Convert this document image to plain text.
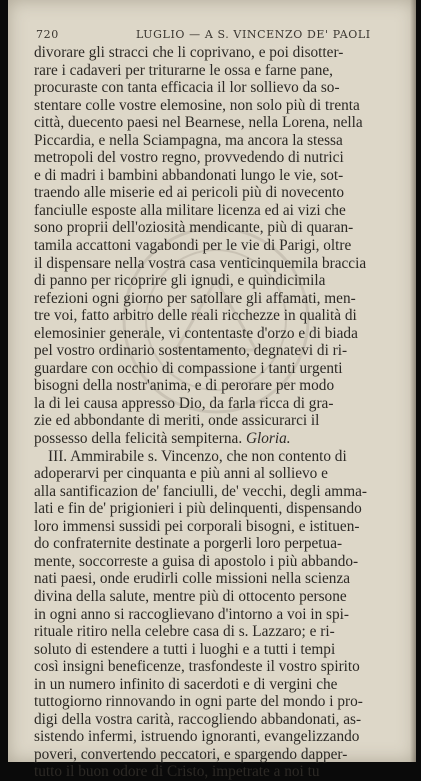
720	LUGLIO — A S. VINCENZO DE' PAOLI
divorare gli stracci che li coprivano, e poi disotter-
rare i cadaveri per triturarne le ossa e farne pane,
procuraste con tanta efficacia il lor sollievo da so-
stentare colle vostre elemosine, non solo più di trenta
città, duecento paesi nel Bearnese, nella Lorena, nella
Piccardia, e nella Sciampagna, ma ancora la stessa
metropoli del vostro regno, provvedendo di nutrici
e di madri i bambini abbandonati lungo le vie, sot-
traendo alle miserie ed ai pericoli più di novecento
fanciulle esposte alla militare licenza ed ai vizi che
sono proprii dell'oziosità mendicante, più di quaran-
tamila accattoni vagabondi per le vie di Parigi, oltre
il dispensare nella vostra casa venticinquemila braccia
di panno per ricoprire gli ignudi, e quindicimila
refezioni ogni giorno per satollare gli affamati, men-
tre voi, fatto arbitro delle reali ricchezze in qualità di
elemosinier generale, vi contentaste d'orzo e di biada
pel vostro ordinario sostentamento, degnatevi di ri-
guardare con occhio di compassione i tanti urgenti
bisogni della nostr'anima, e di perorare per modo
la di lei causa appresso Dio, da farla ricca di gra-
zie ed abbondante di meriti, onde assicurarci il
possesso della felicità sempiterna. Gloria.
III. Ammirabile s. Vincenzo, che non contento di
adoperarvi per cinquanta e più anni al sollievo e
alla santificazion de' fanciulli, de' vecchi, degli amma-
lati e fin de' prigionieri i più delinquenti, dispensando
loro immensi sussidi pei corporali bisogni, e istituen-
do confraternite destinate a porgerli loro perpetua-
mente, soccorreste a guisa di apostolo i più abbando-
nati paesi, onde erudirli colle missioni nella scienza
divina della salute, mentre più di ottocento persone
in ogni anno si raccoglievano d'intorno a voi in spi-
rituale ritiro nella celebre casa di s. Lazzaro; e ri-
soluto di estendere a tutti i luoghi e a tutti i tempi
così insigni beneficenze, trasfondeste il vostro spirito
in un numero infinito di sacerdoti e di vergini che
tuttogiorno rinnovando in ogni parte del mondo i pro-
digi della vostra carità, raccogliendo abbandonati, as-
sistendo infermi, istruendo ignoranti, evangelizzando
poveri, convertendo peccatori, e spargendo dapper-
tutto il buon odore di Cristo, impetrate a noi tu
